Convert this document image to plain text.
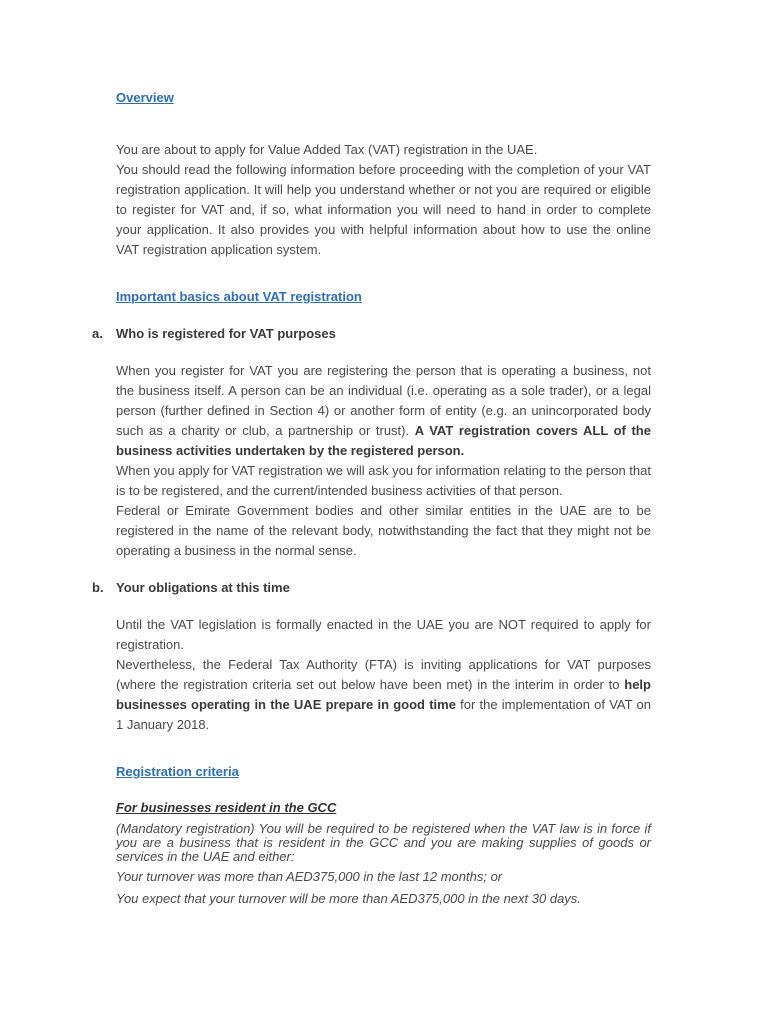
Overview

You are about to apply for Value Added Tax (VAT) registration in the UAE.

You should read the following information before proceeding with the completion of your VAT registration application. It will help you understand whether or not you are required or eligible to register for VAT and, if so, what information you will need to hand in order to complete your application. It also provides you with helpful information about how to use the online VAT registration application system.

Important basics about VAT registration
a. Who is registered for VAT purposes

When you register for VAT you are registering the person that is operating a business, not the business itself. A person can be an individual (i.e. operating as a sole trader), or a legal person (further defined in Section 4) or another form of entity (e.g. an unincorporated body such as a charity or club, a partnership or trust). A VAT registration covers ALL of the business activities undertaken by the registered person.

When you apply for VAT registration we will ask you for information relating to the person that is to be registered, and the current/intended business activities of that person.

Federal or Emirate Government bodies and other similar entities in the UAE are to be registered in the name of the relevant body, notwithstanding the fact that they might not be operating a business in the normal sense.

b. Your obligations at this time

Until the VAT legislation is formally enacted in the UAE you are NOT required to apply for registration.

Nevertheless, the Federal Tax Authority (FTA) is inviting applications for VAT purposes (where the registration criteria set out below have been met) in the interim in order to help businesses operating in the UAE prepare in good time for the implementation of VAT on 1 January 2018.

Registration criteria
For businesses resident in the GCC

(Mandatory registration) You will be required to be registered when the VAT law is in force if you are a business that is resident in the GCC and you are making supplies of goods or services in the UAE and either:

Your turnover was more than AED375,000 in the last 12 months; or

You expect that your turnover will be more than AED375,000 in the next 30 days.
